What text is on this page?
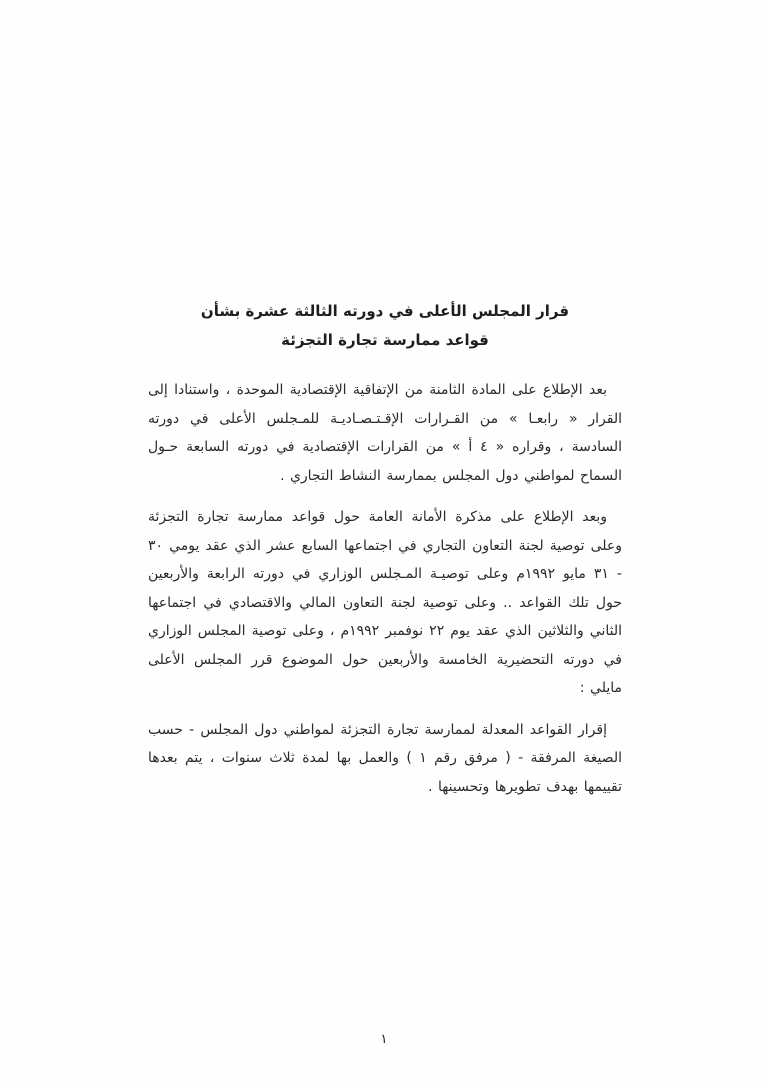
قرار المجلس الأعلى في دورته الثالثة عشرة بشأن
قواعد ممارسة تجارة التجزئة

بعد الإطلاع على المادة الثامنة من الإتفاقية الإقتصادية الموحدة ، واستنادا إلى القرار « رابعـا » من القـرارات الإقـتـصـاديـة للمـجلس الأعلى في دورته السادسة ، وقراره « ٤ أ » من القرارات الإقتصادية في دورته السابعة حـول السماح لمواطني دول المجلس بممارسة النشاط التجاري .

وبعد الإطلاع على مذكرة الأمانة العامة حول قواعد ممارسة تجارة التجزئة وعلى توصية لجنة التعاون التجاري في اجتماعها السابع عشر الذي عقد يومي ٣٠ - ٣١ مايو ١٩٩٢م وعلى توصيـة المـجلس الوزاري في دورته الرابعة والأربعين حول تلك القواعد .. وعلى توصية لجنة التعاون المالي والاقتصادي في اجتماعها الثاني والثلاثين الذي عقد يوم ٢٢ نوفمبر ١٩٩٢م ، وعلى توصية المجلس الوزاري في دورته التحضيرية الخامسة والأربعين حول الموضوع قرر المجلس الأعلى مايلي :

إقرار القواعد المعدلة لممارسة تجارة التجزئة لمواطني دول المجلس - حسب الصيغة المرفقة - ( مرفق رقم ١ ) والعمل بها لمدة ثلاث سنوات ، يتم بعدها تقييمها بهدف تطويرها وتحسينها .

١
